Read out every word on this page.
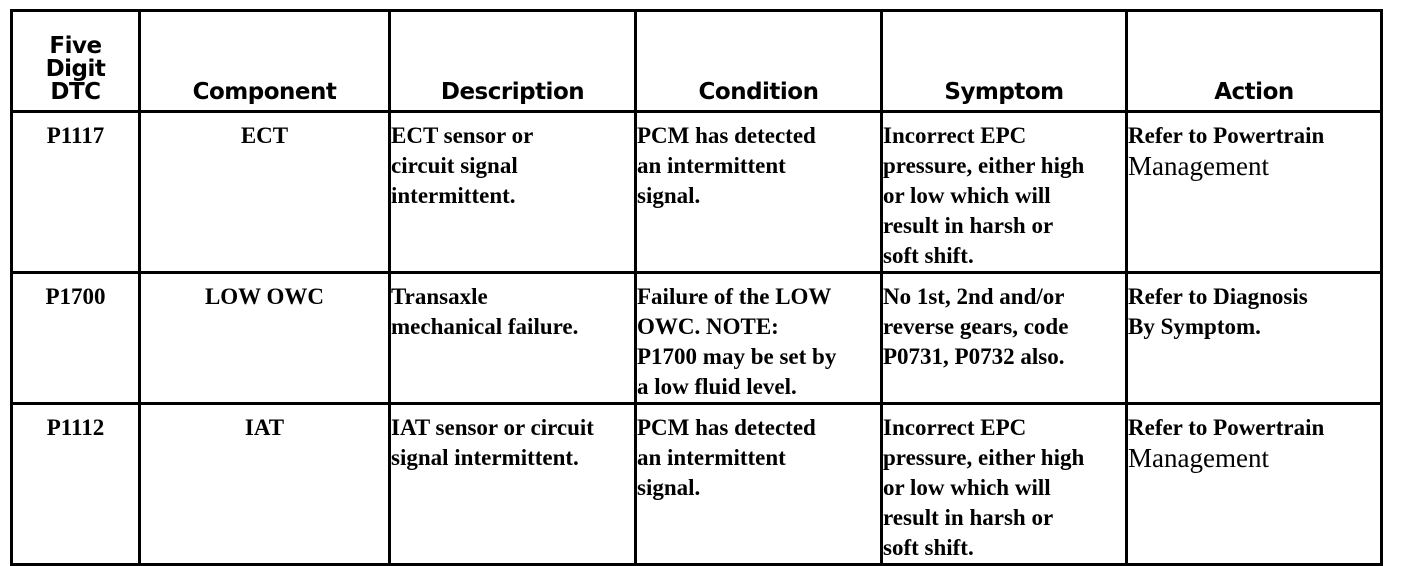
Five
Digit
DTC	Component	Description	Condition	Symptom	Action
P1117	ECT	ECT sensor or
circuit signal
intermittent.	PCM has detected
an intermittent
signal.	Incorrect EPC
pressure, either high
or low which will
result in harsh or
soft shift.	Refer to Powertrain
Management

P1700	LOW OWC	Transaxle
mechanical failure.	Failure of the LOW
OWC. NOTE:
P1700 may be set by
a low fluid level.	No 1st, 2nd and/or
reverse gears, code
P0731, P0732 also.	Refer to Diagnosis
By Symptom.

P1112	IAT	IAT sensor or circuit
signal intermittent.	PCM has detected
an intermittent
signal.	Incorrect EPC
pressure, either high
or low which will
result in harsh or
soft shift.	Refer to Powertrain
Management
